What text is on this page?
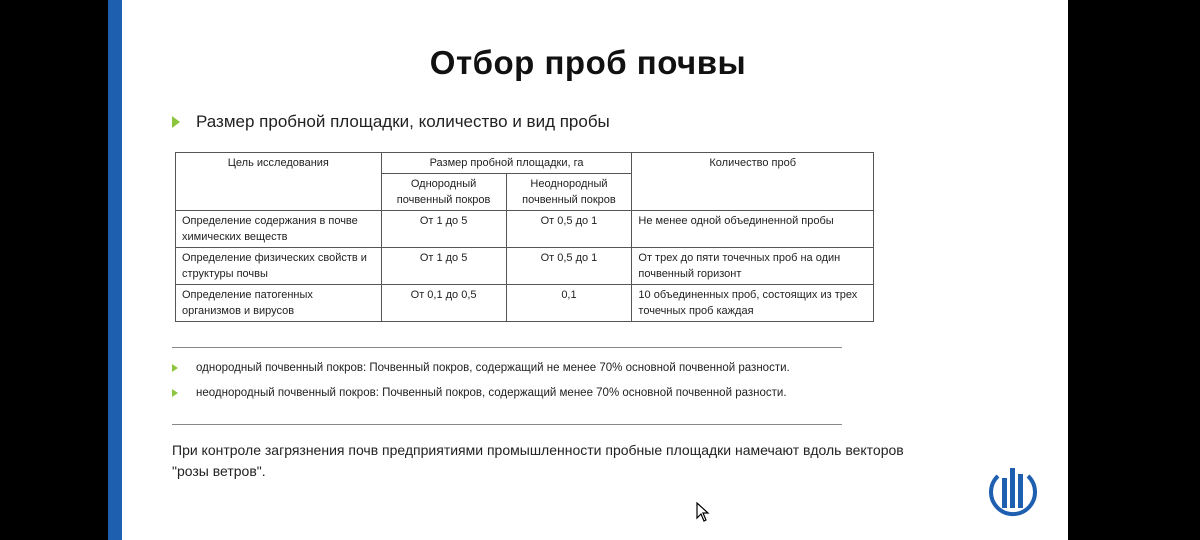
Отбор проб почвы
Размер пробной площадки, количество и вид пробы
Цель исследования	Размер пробной площадки, га		Количество проб
	Однородный почвенный покров	Неоднородный почвенный покров	
Определение содержания в почве химических веществ	От 1 до 5	От 0,5 до 1	Не менее одной объединенной пробы
Определение физических свойств и структуры почвы	От 1 до 5	От 0,5 до 1	От трех до пяти точечных проб на один почвенный горизонт
Определение патогенных организмов и вирусов	От 0,1 до 0,5	0,1	10 объединенных проб, состоящих из трех точечных проб каждая
однородный почвенный покров: Почвенный покров, содержащий не менее 70% основной почвенной разности.
неоднородный почвенный покров: Почвенный покров, содержащий менее 70% основной почвенной разности.
При контроле загрязнения почв предприятиями промышленности пробные площадки намечают вдоль векторов "розы ветров".
